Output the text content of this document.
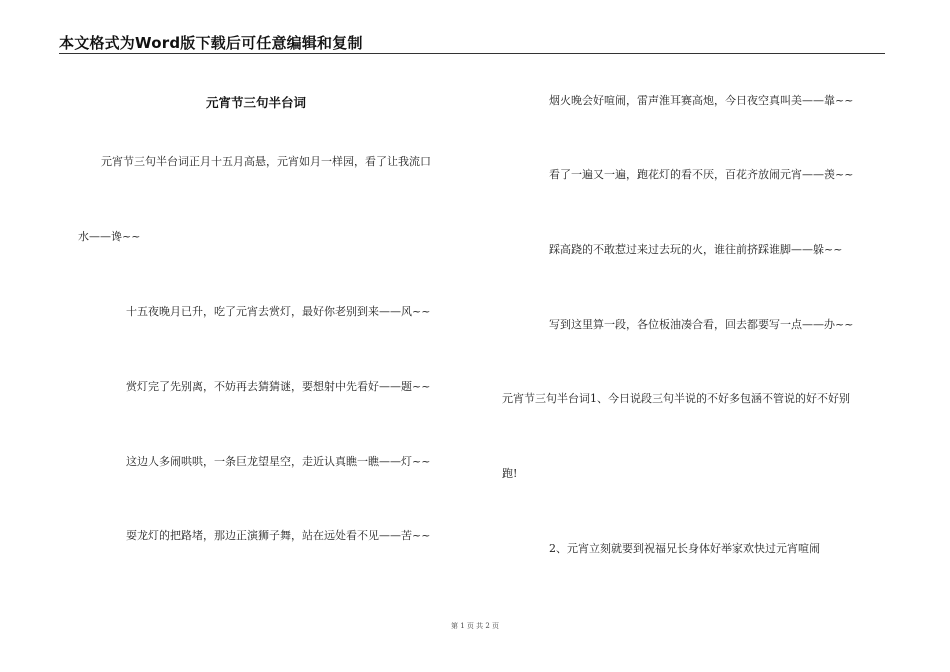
本文格式为Word版下载后可任意编辑和复制
元宵节三句半台词
元宵节三句半台词正月十五月高悬，元宵如月一样园，看了让我流口
水——谗~~
十五夜晚月已升，吃了元宵去赏灯，最好你老别到来——风~~
赏灯完了先别离，不妨再去猜猜谜，要想射中先看好——题~~
这边人多闹哄哄，一条巨龙望星空，走近认真瞧一瞧——灯~~
耍龙灯的把路堵，那边正演狮子舞，站在远处看不见——苦~~
烟火晚会好喧闹，雷声淮耳赛高炮，今日夜空真叫美——靠~~
看了一遍又一遍，跑花灯的看不厌，百花齐放闹元宵——羡~~
踩高跷的不敢惹过来过去玩的火，谁往前挤踩谁脚——躲~~
写到这里算一段，各位板油凑合看，回去都要写一点——办~~
元宵节三句半台词1、今日说段三句半说的不好多包涵不管说的好不好别
跑!
2、元宵立刻就要到祝福兄长身体好举家欢快过元宵喧闹
第 1 页 共 2 页
